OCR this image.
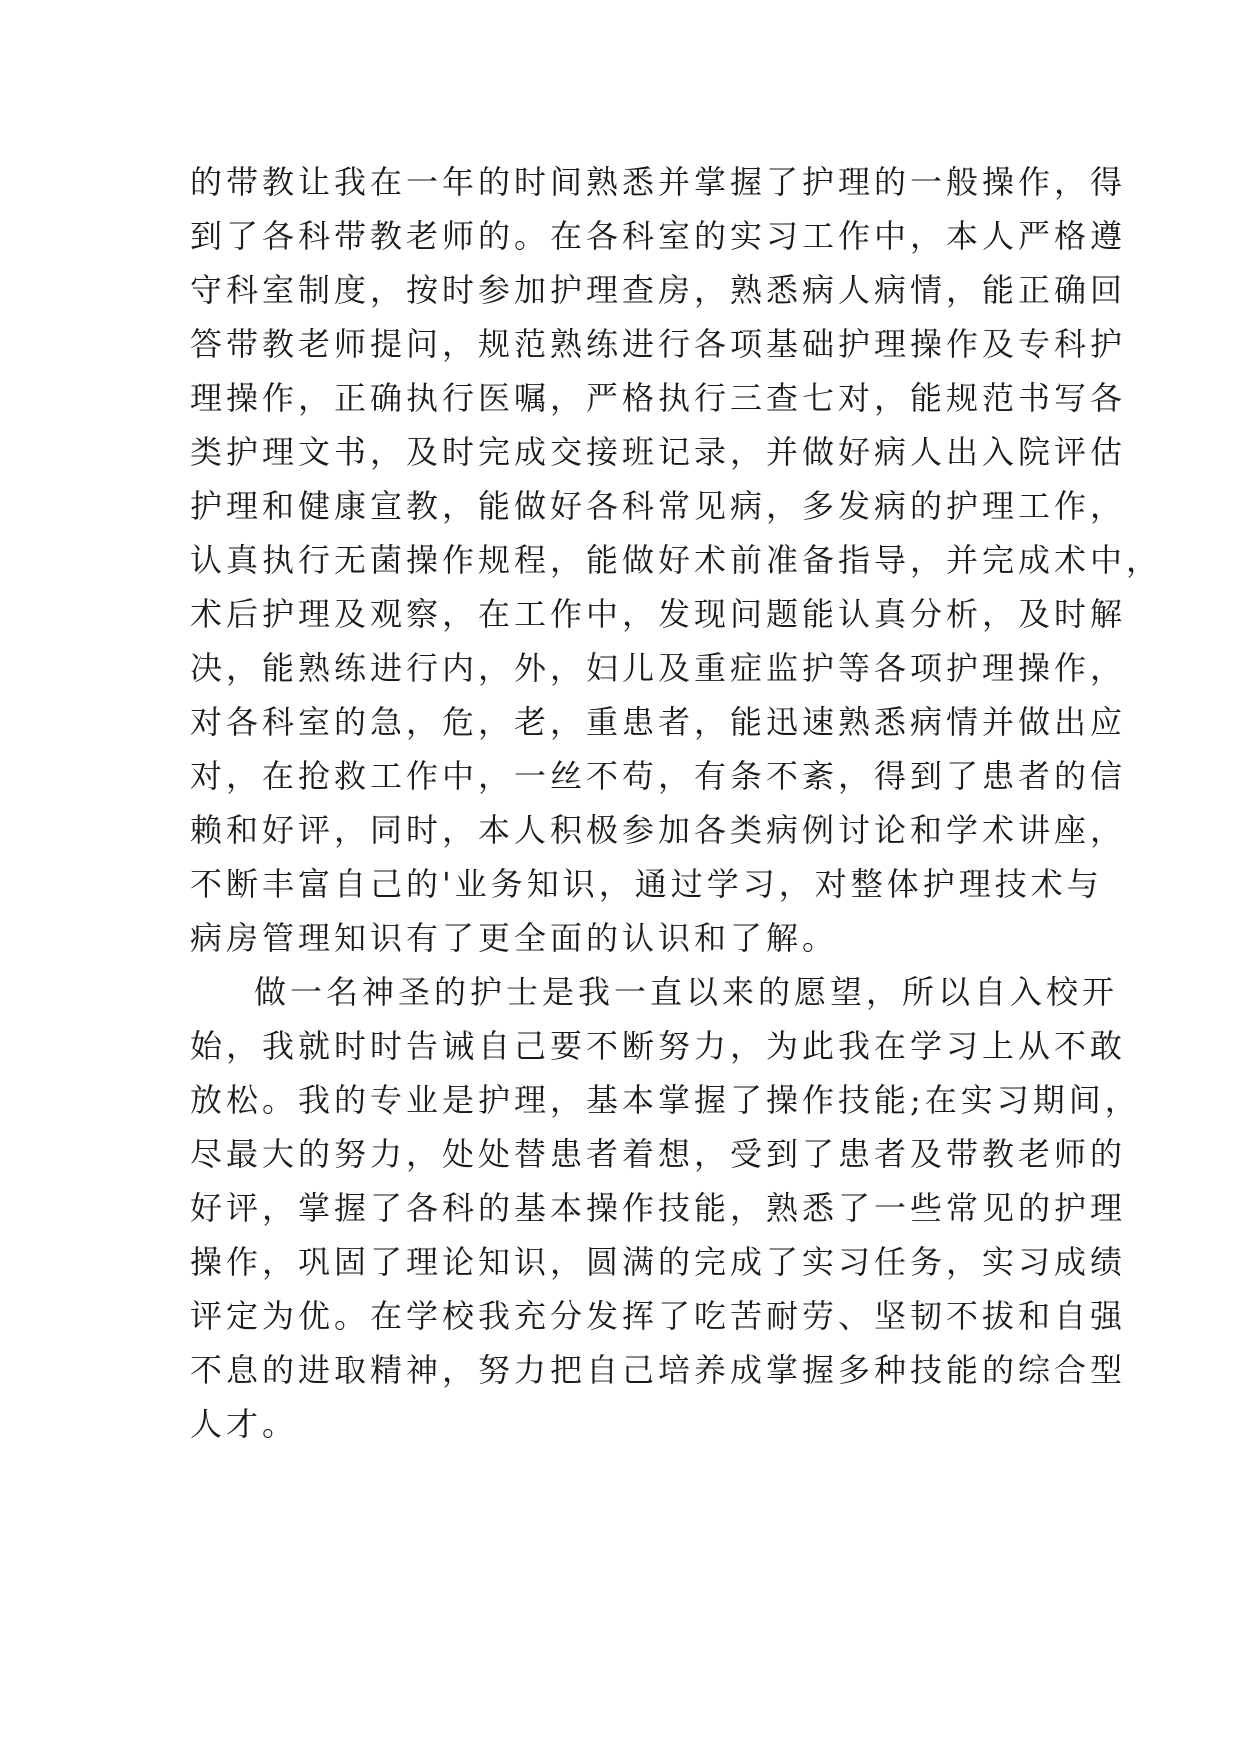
的带教让我在一年的时间熟悉并掌握了护理的一般操作，得
到了各科带教老师的。在各科室的实习工作中，本人严格遵
守科室制度，按时参加护理查房，熟悉病人病情，能正确回
答带教老师提问，规范熟练进行各项基础护理操作及专科护
理操作，正确执行医嘱，严格执行三查七对，能规范书写各
类护理文书，及时完成交接班记录，并做好病人出入院评估
护理和健康宣教，能做好各科常见病，多发病的护理工作，
认真执行无菌操作规程，能做好术前准备指导，并完成术中，
术后护理及观察，在工作中，发现问题能认真分析，及时解
决，能熟练进行内，外，妇儿及重症监护等各项护理操作，
对各科室的急，危，老，重患者，能迅速熟悉病情并做出应
对，在抢救工作中，一丝不苟，有条不紊，得到了患者的信
赖和好评，同时，本人积极参加各类病例讨论和学术讲座，
不断丰富自己的'业务知识，通过学习，对整体护理技术与
病房管理知识有了更全面的认识和了解。
做一名神圣的护士是我一直以来的愿望，所以自入校开
始，我就时时告诫自己要不断努力，为此我在学习上从不敢
放松。我的专业是护理，基本掌握了操作技能;在实习期间，
尽最大的努力，处处替患者着想，受到了患者及带教老师的
好评，掌握了各科的基本操作技能，熟悉了一些常见的护理
操作，巩固了理论知识，圆满的完成了实习任务，实习成绩
评定为优。在学校我充分发挥了吃苦耐劳、坚韧不拔和自强
不息的进取精神，努力把自己培养成掌握多种技能的综合型
人才。
